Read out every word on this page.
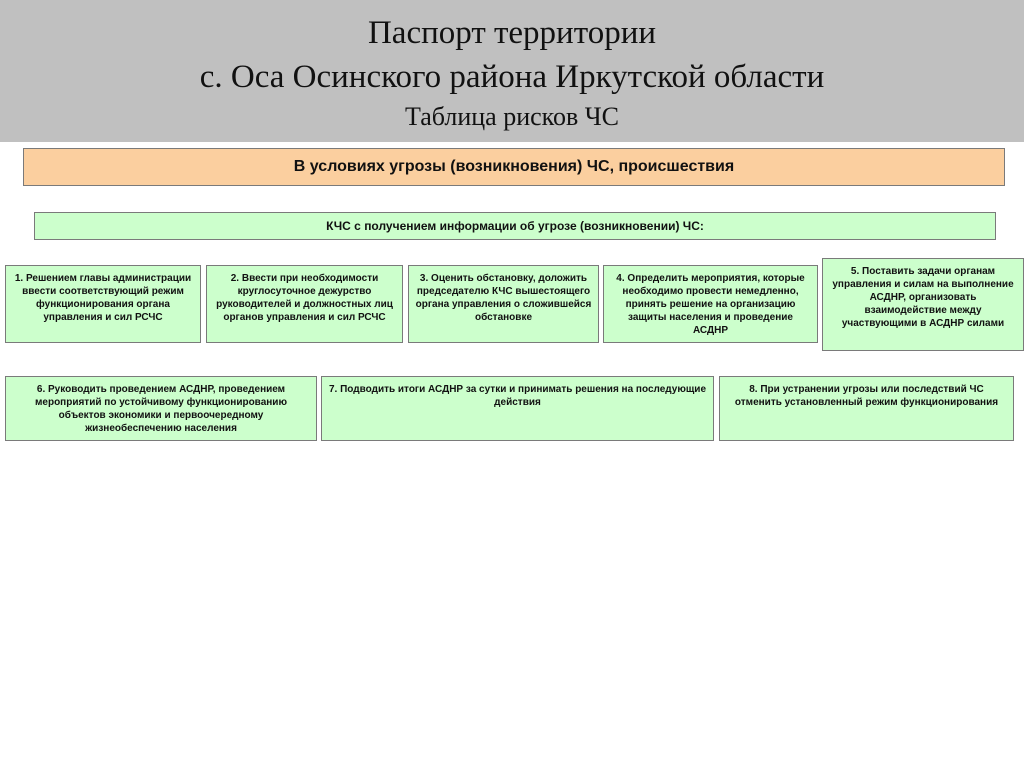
Паспорт территории
с. Оса Осинского района Иркутской области
Таблица рисков ЧС
В условиях угрозы (возникновения) ЧС, происшествия
КЧС с получением информации об угрозе (возникновении) ЧС:
1. Решением главы администрации ввести соответствующий режим функционирования органа управления и сил РСЧС
2. Ввести при необходимости круглосуточное дежурство руководителей и должностных лиц органов управления и сил РСЧС
3. Оценить обстановку, доложить председателю КЧС вышестоящего органа управления о сложившейся обстановке
4. Определить мероприятия, которые необходимо провести немедленно, принять решение на организацию защиты населения и проведение АСДНР
5. Поставить задачи органам управления и силам на выполнение АСДНР, организовать взаимодействие между участвующими в АСДНР силами
6. Руководить проведением АСДНР, проведением мероприятий по устойчивому функционированию объектов экономики и первоочередному жизнеобеспечению населения
7. Подводить итоги АСДНР за сутки и принимать решения на последующие действия
8. При устранении угрозы или последствий ЧС отменить установленный режим функционирования
